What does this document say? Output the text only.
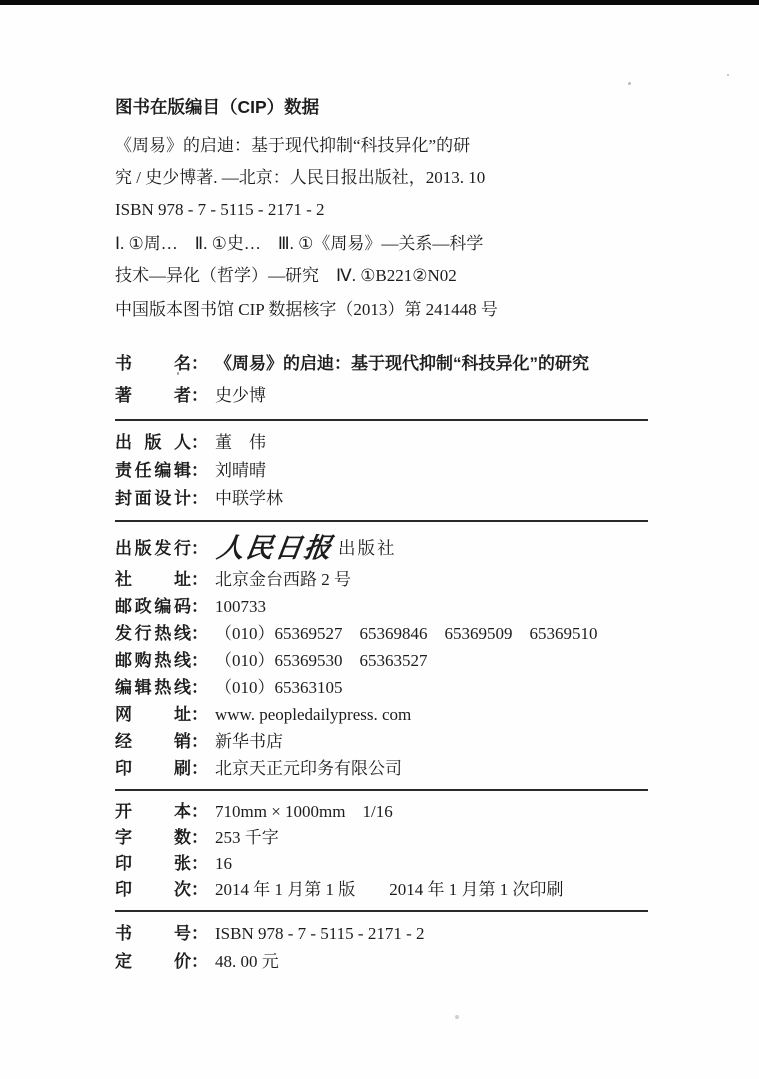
图书在版编目（CIP）数据
《周易》的启迪：基于现代抑制“科技异化”的研
究 / 史少博著. —北京：人民日报出版社，2013. 10
ISBN 978 - 7 - 5115 - 2171 - 2
Ⅰ. ①周…　Ⅱ. ①史…　Ⅲ. ①《周易》—关系—科学
技术—异化（哲学）—研究　Ⅳ. ①B221②N02
中国版本图书馆 CIP 数据核字（2013）第 241448 号
书 名 ： 《周易》的启迪：基于现代抑制“科技异化”的研究
著 者 ： 史少博
出 版 人 ： 董　伟
责 任 编 辑 ： 刘晴晴
封 面 设 计 ： 中联学林
出 版 发 行 ： 人民日报 出版社
社 址 ： 北京金台西路 2 号
邮 政 编 码 ： 100733
发 行 热 线 ： （010）65369527　65369846　65369509　65369510
邮 购 热 线 ： （010）65369530　65363527
编 辑 热 线 ： （010）65363105
网 址 ： www. peopledailypress. com
经 销 ： 新华书店
印 刷 ： 北京天正元印务有限公司
开 本 ： 710mm × 1000mm　1/16
字 数 ： 253 千字
印 张 ： 16
印 次 ： 2014 年 1 月第 1 版　　2014 年 1 月第 1 次印刷
书 号 ： ISBN 978 - 7 - 5115 - 2171 - 2
定 价 ： 48. 00 元
